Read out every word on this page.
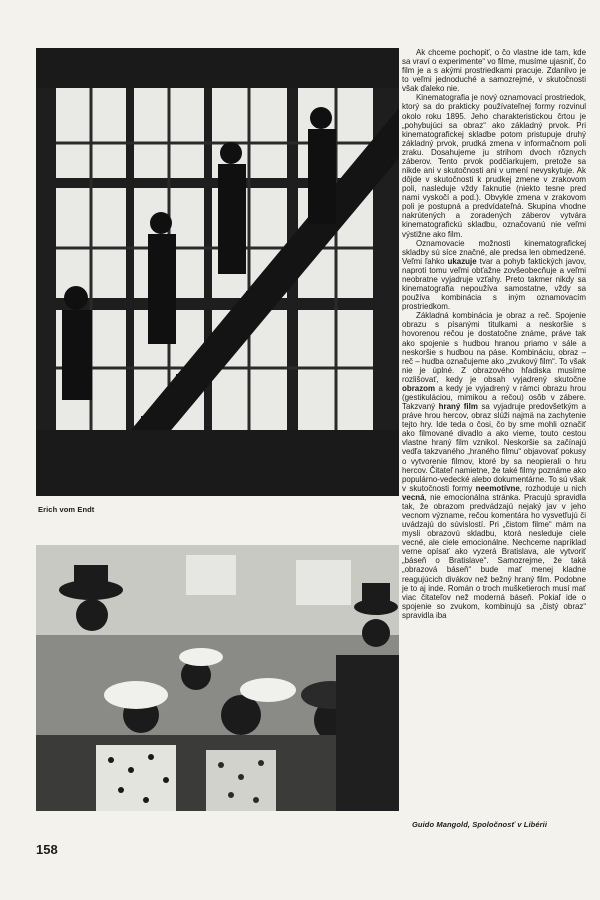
Erich vom Endt
Guido Mangold, Spoločnosť v Libérii
158

Ak chceme pochopiť, o čo vlastne ide tam, kde sa vraví o experimente“ vo filme, musíme ujasniť, čo film je a s akými prostriedkami pracuje. Zdanlivo je to veľmi jednoduché a samozrejmé, v skutočnosti však ďaleko nie.

Kinematografia je nový oznamovací prostriedok, ktorý sa do prakticky používateľnej formy rozvinul okolo roku 1895. Jeho charakteristickou črtou je „pohybujúci sa obraz“ ako základný prvok. Pri kinematografickej skladbe potom pristupuje druhý základný prvok, prudká zmena v informačnom poli zraku. Dosahujeme ju strihom dvoch rôznych záberov. Tento prvok podčiarkujem, pretože sa nikde ani v skutočnosti ani v umení nevyskytuje. Ak dôjde v skutočnosti k prudkej zmene v zrakovom poli, nasleduje vždy ľaknutie (niekto tesne pred nami vyskočí a pod.). Obvykle zmena v zrakovom poli je postupná a predvídateľná. Skupina vhodne nakrútených a zoradených záberov vytvára kinematografickú skladbu, označovanú nie veľmi výstižne ako film.

Oznamovacie možnosti kinematografickej skladby sú síce značné, ale predsa len obmedzené. Veľmi ľahko ukazuje tvar a pohyb faktických javov, naproti tomu veľmi obťažne zovšeobecňuje a veľmi neobratne vyjadruje vzťahy. Preto takmer nikdy sa kinematografia nepoužíva samostatne, vždy sa používa kombinácia s iným oznamovacím prostriedkom.

Základná kombinácia je obraz a reč. Spojenie obrazu s písanými titulkami a neskoršie s hovorenou rečou je dostatočne známe, práve tak ako spojenie s hudbou hranou priamo v sále a neskoršie s hudbou na páse. Kombináciu, obraz – reč – hudba označujeme ako „zvukový film“. To však nie je úplné. Z obrazového hľadiska musíme rozlišovať, kedy je obsah vyjadrený skutočne obrazom a kedy je vyjadrený v rámci obrazu hrou (gestikuláciou, mimikou a rečou) osôb v zábere. Takzvaný hraný film sa vyjadruje predovšetkým a práve hrou hercov, obraz slúži najmä na zachytenie tejto hry. Ide teda o čosi, čo by sme mohli označiť ako filmované divadlo a ako vieme, touto cestou vlastne hraný film vznikol. Neskoršie sa začínajú vedľa takzvaného „hraného filmu“ objavovať pokusy o vytvorenie filmov, ktoré by sa neopierali o hru hercov. Čitateľ namietne, že také filmy poznáme ako populárno-vedecké alebo dokumentárne. To sú však v skutočnosti formy neemotívne, rozhoduje u nich vecná, nie emocionálna stránka. Pracujú spravidla tak, že obrazom predvádzajú nejaký jav v jeho vecnom význame, rečou komentára ho vysvetľujú či uvádzajú do súvislostí. Pri „čistom filme“ mám na mysli obrazovú skladbu, ktorá nesleduje ciele vecné, ale ciele emocionálne. Nechceme napríklad verne opísať ako vyzerá Bratislava, ale vytvoriť „báseň o Bratislave“. Samozrejme, že taká „obrazová báseň“ bude mať menej kladne reagujúcich divákov než bežný hraný film. Podobne je to aj inde. Román o troch mušketieroch musí mať viac čitateľov než moderná báseň. Pokiaľ ide o spojenie so zvukom, kombinujú sa „čistý obraz“ spravidla iba
